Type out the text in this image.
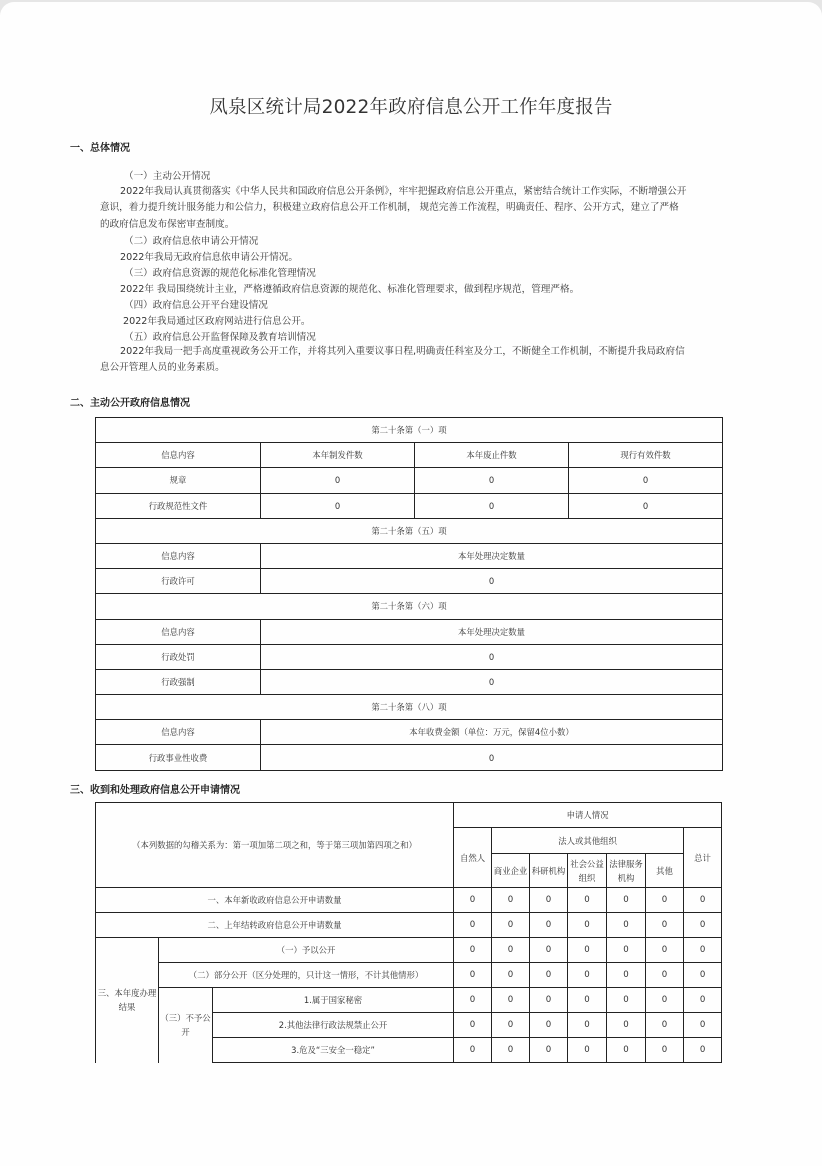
凤泉区统计局2022年政府信息公开工作年度报告
一、总体情况
（一）主动公开情况
2022年我局认真贯彻落实《中华人民共和国政府信息公开条例》，牢牢把握政府信息公开重点，紧密结合统计工作实际，不断增强公开
意识，着力提升统计服务能力和公信力，积极建立政府信息公开工作机制， 规范完善工作流程，明确责任、程序、公开方式，建立了严格
的政府信息发布保密审查制度。
（二）政府信息依申请公开情况
2022年我局无政府信息依申请公开情况。
（三）政府信息资源的规范化标准化管理情况
2022年 我局围绕统计主业，严格遵循政府信息资源的规范化、标准化管理要求，做到程序规范，管理严格。
（四）政府信息公开平台建设情况
2022年我局通过区政府网站进行信息公开。
（五）政府信息公开监督保障及教育培训情况
2022年我局一把手高度重视政务公开工作，并将其列入重要议事日程,明确责任科室及分工，不断健全工作机制，不断提升我局政府信
息公开管理人员的业务素质。
二、主动公开政府信息情况
第二十条第（一）项			
信息内容	本年制发件数	本年废止件数	现行有效件数
规章	0	0	0
行政规范性文件	0	0	0
第二十条第（五）项			
信息内容	本年处理决定数量		
行政许可	0		
第二十条第（六）项			
信息内容	本年处理决定数量		
行政处罚	0		
行政强制	0		
第二十条第（八）项			
信息内容	本年收费金额（单位：万元，保留4位小数）		
行政事业性收费	0		
三、收到和处理政府信息公开申请情况
（本列数据的勾稽关系为：第一项加第二项之和，等于第三项加第四项之和）			申请人情况						
			自然人	法人或其他组织					总计
				商业企业	科研机构	社会公益组织	法律服务机构	其他	
一、本年新收政府信息公开申请数量			0	0	0	0	0	0	0
二、上年结转政府信息公开申请数量			0	0	0	0	0	0	0
三、本年度办理结果	（一）予以公开		0	0	0	0	0	0	0
	（二）部分公开（区分处理的，只计这一情形，不计其他情形）		0	0	0	0	0	0	0
	（三）不予公开	1.属于国家秘密	0	0	0	0	0	0	0
		2.其他法律行政法规禁止公开	0	0	0	0	0	0	0
		3.危及“三安全一稳定”	0	0	0	0	0	0	0
